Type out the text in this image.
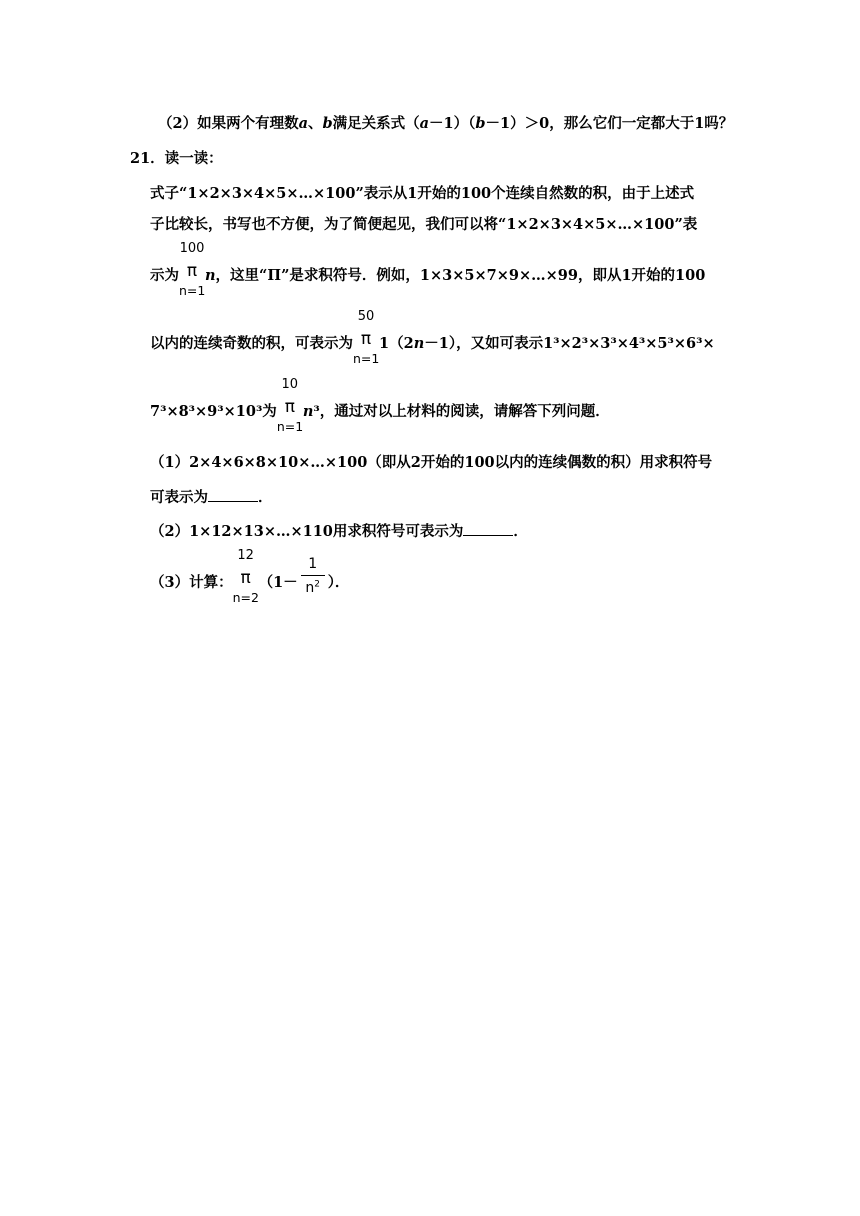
（2）如果两个有理数a、b满足关系式（a－1）（b－1）＞0，那么它们一定都大于1吗？
21．读一读：
式子“1×2×3×4×5×…×100”表示从1开始的100个连续自然数的积，由于上述式
子比较长，书写也不方便，为了简便起见，我们可以将“1×2×3×4×5×…×100”表
示为
100
π
n=1
n，这里“Π”是求积符号．例如，1×3×5×7×9×…×99，即从1开始的100
以内的连续奇数的积，可表示为
50
π
n=1
1（2n－1），又如可表示1³×2³×3³×4³×5³×6³×
7³×8³×9³×10³为
10
π
n=1
n³，通过对以上材料的阅读，请解答下列问题．
（1）2×4×6×8×10×…×100（即从2开始的100以内的连续偶数的积）用求积符号
可表示为	．
（2）1×12×13×…×110用求积符号可表示为	．
（3）计算：
12
π
n=2
（$1- \frac{1}{n^2}$ ）．
